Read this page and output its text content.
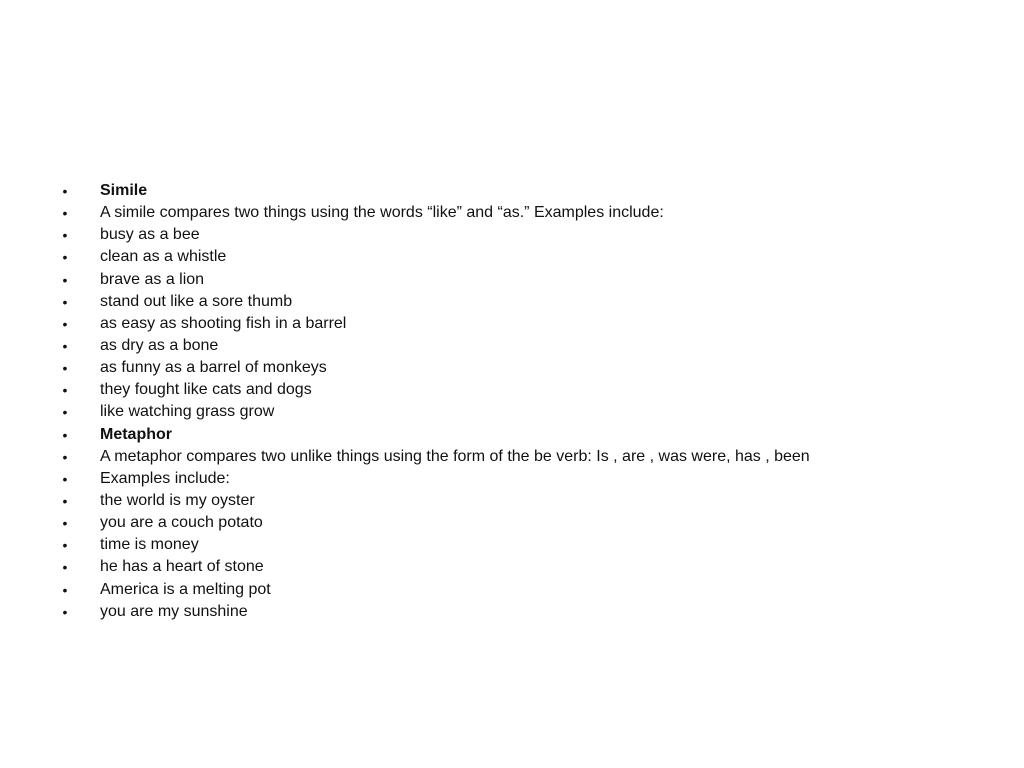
• Simile
• A simile compares two things using the words “like” and “as.” Examples include:
• busy as a bee
• clean as a whistle
• brave as a lion
• stand out like a sore thumb
• as easy as shooting fish in a barrel
• as dry as a bone
• as funny as a barrel of monkeys
• they fought like cats and dogs
• like watching grass grow
• Metaphor
• A metaphor compares two unlike things using the form of the be verb: Is , are , was were, has , been
• Examples include:
• the world is my oyster
• you are a couch potato
• time is money
• he has a heart of stone
• America is a melting pot
• you are my sunshine
